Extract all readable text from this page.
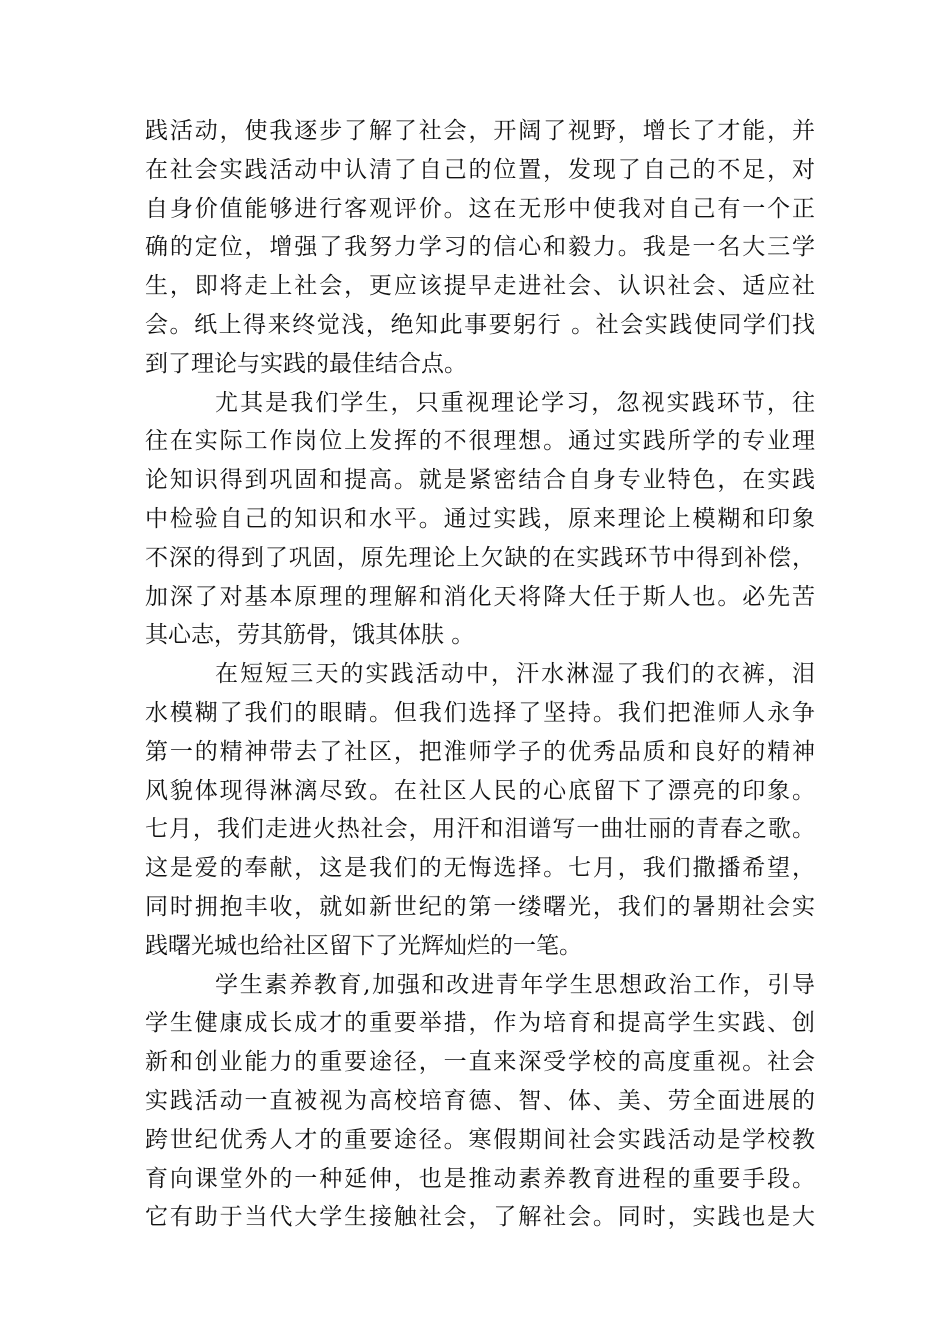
践活动，使我逐步了解了社会，开阔了视野，增长了才能，并
在社会实践活动中认清了自己的位置，发现了自己的不足，对
自身价值能够进行客观评价。这在无形中使我对自己有一个正
确的定位，增强了我努力学习的信心和毅力。我是一名大三学
生，即将走上社会，更应该提早走进社会、认识社会、适应社
会。纸上得来终觉浅，绝知此事要躬行 。社会实践使同学们找
到了理论与实践的最佳结合点。
尤其是我们学生，只重视理论学习，忽视实践环节，往
往在实际工作岗位上发挥的不很理想。通过实践所学的专业理
论知识得到巩固和提高。就是紧密结合自身专业特色，在实践
中检验自己的知识和水平。通过实践，原来理论上模糊和印象
不深的得到了巩固，原先理论上欠缺的在实践环节中得到补偿，
加深了对基本原理的理解和消化天将降大任于斯人也。必先苦
其心志，劳其筋骨，饿其体肤 。
在短短三天的实践活动中，汗水淋湿了我们的衣裤，泪
水模糊了我们的眼睛。但我们选择了坚持。我们把淮师人永争
第一的精神带去了社区，把淮师学子的优秀品质和良好的精神
风貌体现得淋漓尽致。在社区人民的心底留下了漂亮的印象。
七月，我们走进火热社会，用汗和泪谱写一曲壮丽的青春之歌。
这是爱的奉献，这是我们的无悔选择。七月，我们撒播希望，
同时拥抱丰收，就如新世纪的第一缕曙光，我们的暑期社会实
践曙光城也给社区留下了光辉灿烂的一笔。
学生素养教育,加强和改进青年学生思想政治工作，引导
学生健康成长成才的重要举措，作为培育和提高学生实践、创
新和创业能力的重要途径，一直来深受学校的高度重视。社会
实践活动一直被视为高校培育德、智、体、美、劳全面进展的
跨世纪优秀人才的重要途径。寒假期间社会实践活动是学校教
育向课堂外的一种延伸，也是推动素养教育进程的重要手段。
它有助于当代大学生接触社会，了解社会。同时，实践也是大
